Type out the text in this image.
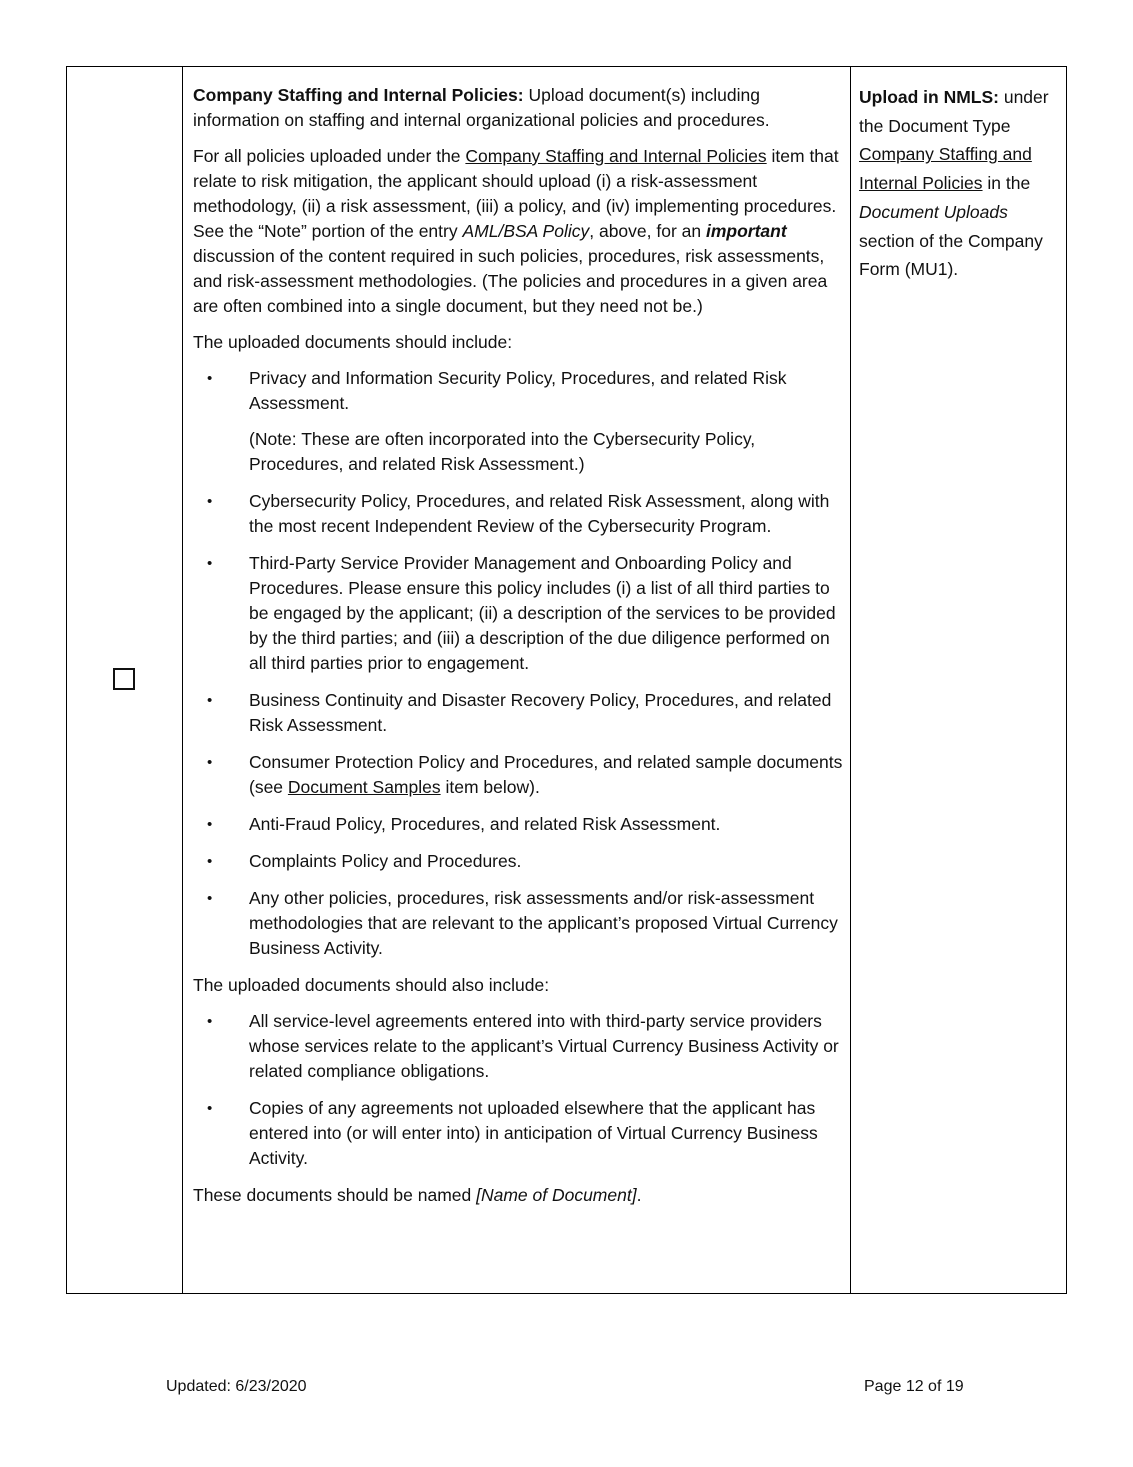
Company Staffing and Internal Policies: Upload document(s) including information on staffing and internal organizational policies and procedures.

For all policies uploaded under the Company Staffing and Internal Policies item that relate to risk mitigation, the applicant should upload (i) a risk-assessment methodology, (ii) a risk assessment, (iii) a policy, and (iv) implementing procedures. See the “Note” portion of the entry AML/BSA Policy, above, for an important discussion of the content required in such policies, procedures, risk assessments, and risk-assessment methodologies. (The policies and procedures in a given area are often combined into a single document, but they need not be.)

The uploaded documents should include:

• Privacy and Information Security Policy, Procedures, and related Risk Assessment.
(Note: These are often incorporated into the Cybersecurity Policy, Procedures, and related Risk Assessment.)
• Cybersecurity Policy, Procedures, and related Risk Assessment, along with the most recent Independent Review of the Cybersecurity Program.
• Third-Party Service Provider Management and Onboarding Policy and Procedures. Please ensure this policy includes (i) a list of all third parties to be engaged by the applicant; (ii) a description of the services to be provided by the third parties; and (iii) a description of the due diligence performed on all third parties prior to engagement.
• Business Continuity and Disaster Recovery Policy, Procedures, and related Risk Assessment.
• Consumer Protection Policy and Procedures, and related sample documents (see Document Samples item below).
• Anti-Fraud Policy, Procedures, and related Risk Assessment.
• Complaints Policy and Procedures.
• Any other policies, procedures, risk assessments and/or risk-assessment methodologies that are relevant to the applicant’s proposed Virtual Currency Business Activity.

The uploaded documents should also include:

• All service-level agreements entered into with third-party service providers whose services relate to the applicant’s Virtual Currency Business Activity or related compliance obligations.
• Copies of any agreements not uploaded elsewhere that the applicant has entered into (or will enter into) in anticipation of Virtual Currency Business Activity.

These documents should be named [Name of Document].

Upload in NMLS: under the Document Type Company Staffing and Internal Policies in the Document Uploads section of the Company Form (MU1).
Updated: 6/23/2020	Page 12 of 19
